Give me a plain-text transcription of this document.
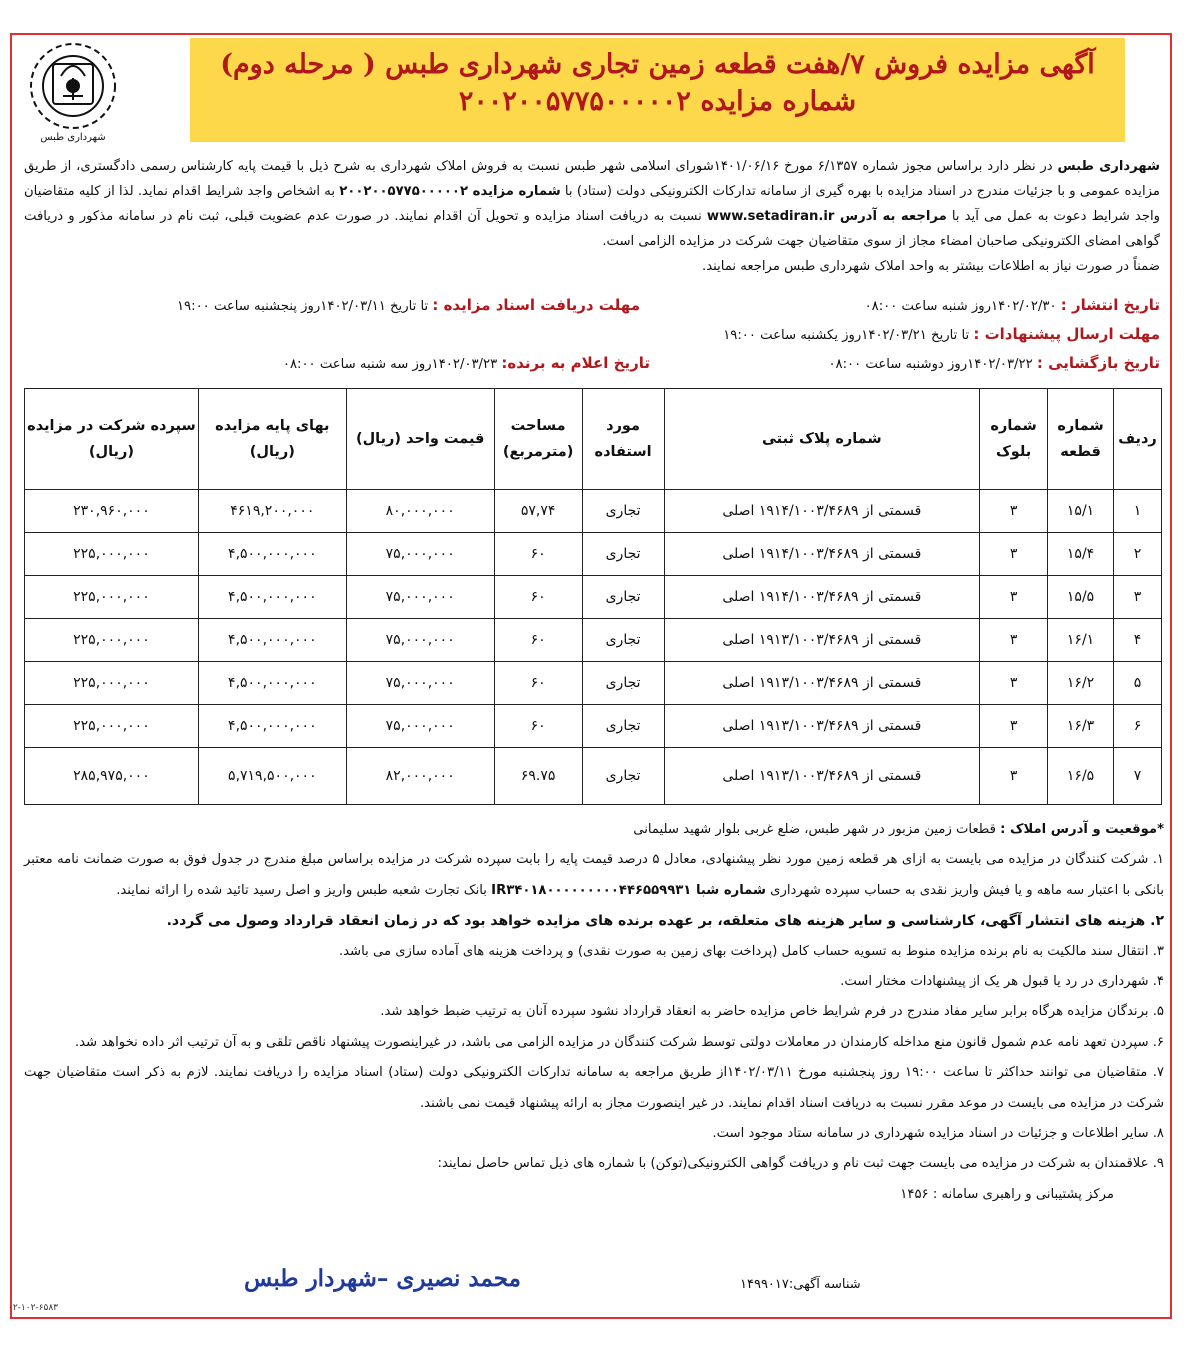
شهرداری طبس
آگهی مزایده فروش ۷/هفت قطعه زمین تجاری شهرداری طبس ( مرحله دوم)
شماره مزایده ۲۰۰۲۰۰۵۷۷۵۰۰۰۰۰۲
شهرداری طبس در نظر دارد براساس مجوز شماره ۶/۱۳۵۷ مورخ ۱۴۰۱/۰۶/۱۶شورای اسلامی شهر طبس نسبت به فروش املاک شهرداری به شرح ذیل با قیمت پایه کارشناس رسمی دادگستری، از طریق مزایده عمومی و با جزئیات مندرج در اسناد مزایده با بهره گیری از سامانه تدارکات الکترونیکی دولت (ستاد) با شماره مزایده ۲۰۰۲۰۰۵۷۷۵۰۰۰۰۰۲ به اشخاص واجد شرایط اقدام نماید. لذا از کلیه متقاضیان واجد شرایط دعوت به عمل می آید با مراجعه به آدرس www.setadiran.ir نسبت به دریافت اسناد مزایده و تحویل آن اقدام نمایند. در صورت عدم عضویت قبلی، ثبت نام در سامانه مذکور و دریافت گواهی امضای الکترونیکی صاحبان امضاء مجاز از سوی متقاضیان جهت شرکت در مزایده الزامی است.
ضمناً در صورت نیاز به اطلاعات بیشتر به واحد املاک شهرداری طبس مراجعه نمایند.
تاریخ انتشار : ۱۴۰۲/۰۲/۳۰روز شنبه ساعت ۰۸:۰۰
مهلت دریافت اسناد مزایده : تا تاریخ ۱۴۰۲/۰۳/۱۱روز پنجشنبه ساعت ۱۹:۰۰
مهلت ارسال پیشنهادات : تا تاریخ ۱۴۰۲/۰۳/۲۱روز یکشنبه ساعت ۱۹:۰۰
تاریخ بازگشایی : ۱۴۰۲/۰۳/۲۲روز دوشنبه ساعت ۰۸:۰۰
تاریخ اعلام به برنده: ۱۴۰۲/۰۳/۲۳روز سه شنبه ساعت ۰۸:۰۰
ردیف	شماره قطعه	شماره بلوک	شماره پلاک ثبتی	مورد استفاده	مساحت (مترمربع)	قیمت واحد (ریال)	بهای پایه مزایده (ریال)	سپرده شرکت در مزایده (ریال)
۱	۱۵/۱	۳	قسمتی از ۱۹۱۴/۱۰۰۳/۴۶۸۹ اصلی	تجاری	۵۷,۷۴	۸۰,۰۰۰,۰۰۰	۴۶۱۹,۲۰۰,۰۰۰	۲۳۰,۹۶۰,۰۰۰
۲	۱۵/۴	۳	قسمتی از ۱۹۱۴/۱۰۰۳/۴۶۸۹ اصلی	تجاری	۶۰	۷۵,۰۰۰,۰۰۰	۴,۵۰۰,۰۰۰,۰۰۰	۲۲۵,۰۰۰,۰۰۰
۳	۱۵/۵	۳	قسمتی از ۱۹۱۴/۱۰۰۳/۴۶۸۹ اصلی	تجاری	۶۰	۷۵,۰۰۰,۰۰۰	۴,۵۰۰,۰۰۰,۰۰۰	۲۲۵,۰۰۰,۰۰۰
۴	۱۶/۱	۳	قسمتی از ۱۹۱۳/۱۰۰۳/۴۶۸۹ اصلی	تجاری	۶۰	۷۵,۰۰۰,۰۰۰	۴,۵۰۰,۰۰۰,۰۰۰	۲۲۵,۰۰۰,۰۰۰
۵	۱۶/۲	۳	قسمتی از ۱۹۱۳/۱۰۰۳/۴۶۸۹ اصلی	تجاری	۶۰	۷۵,۰۰۰,۰۰۰	۴,۵۰۰,۰۰۰,۰۰۰	۲۲۵,۰۰۰,۰۰۰
۶	۱۶/۳	۳	قسمتی از ۱۹۱۳/۱۰۰۳/۴۶۸۹ اصلی	تجاری	۶۰	۷۵,۰۰۰,۰۰۰	۴,۵۰۰,۰۰۰,۰۰۰	۲۲۵,۰۰۰,۰۰۰
۷	۱۶/۵	۳	قسمتی از ۱۹۱۳/۱۰۰۳/۴۶۸۹ اصلی	تجاری	۶۹.۷۵	۸۲,۰۰۰,۰۰۰	۵,۷۱۹,۵۰۰,۰۰۰	۲۸۵,۹۷۵,۰۰۰

*موقعیت و آدرس املاک : قطعات زمین مزبور در شهر طبس، ضلع غربی بلوار شهید سلیمانی

۱. شرکت کنندگان در مزایده می بایست به ازای هر قطعه زمین مورد نظر پیشنهادی، معادل ۵ درصد قیمت پایه را بابت سپرده شرکت در مزایده براساس مبلغ مندرج در جدول فوق به صورت ضمانت نامه معتبر بانکی با اعتبار سه ماهه و یا فیش واریز نقدی به حساب سپرده شهرداری شماره شبا IR۳۴۰۱۸۰۰۰۰۰۰۰۰۰۴۴۶۵۵۹۹۳۱ بانک تجارت شعبه طبس واریز و اصل رسید تائید شده را ارائه نمایند.

۲. هزینه های انتشار آگهی، کارشناسی و سایر هزینه های متعلقه، بر عهده برنده های مزایده خواهد بود که در زمان انعقاد قرارداد وصول می گردد.

۳. انتقال سند مالکیت به نام برنده مزایده منوط به تسویه حساب کامل (پرداخت بهای زمین به صورت نقدی) و پرداخت هزینه های آماده سازی می باشد.

۴. شهرداری در رد یا قبول هر یک از پیشنهادات مختار است.

۵. برندگان مزایده هرگاه برابر سایر مفاد مندرج در فرم شرایط خاص مزایده حاضر به انعقاد قرارداد نشود سپرده آنان به ترتیب ضبط خواهد شد.

۶. سپردن تعهد نامه عدم شمول قانون منع مداخله کارمندان در معاملات دولتی توسط شرکت کنندگان در مزایده الزامی می باشد، در غیراینصورت پیشنهاد ناقص تلقی و به آن ترتیب اثر داده نخواهد شد.

۷. متقاضیان می توانند حداکثر تا ساعت ۱۹:۰۰ روز پنجشنبه مورخ ۱۴۰۲/۰۳/۱۱از طریق مراجعه به سامانه تدارکات الکترونیکی دولت (ستاد) اسناد مزایده را دریافت نمایند. لازم به ذکر است متقاضیان جهت شرکت در مزایده می بایست در موعد مقرر نسبت به دریافت اسناد اقدام نمایند. در غیر اینصورت مجاز به ارائه پیشنهاد قیمت نمی باشند.

۸. سایر اطلاعات و جزئیات در اسناد مزایده شهرداری در سامانه ستاد موجود است.

۹. علاقمندان به شرکت در مزایده می بایست جهت ثبت نام و دریافت گواهی الکترونیکی(توکن) با شماره های ذیل تماس حاصل نمایند:

مرکز پشتیبانی و راهبری سامانه : ۱۴۵۶

محمد نصیری –شهردار طبس	شناسه آگهی:۱۴۹۹۰۱۷
۰۲-۱۰۲-۶۵۸۳
